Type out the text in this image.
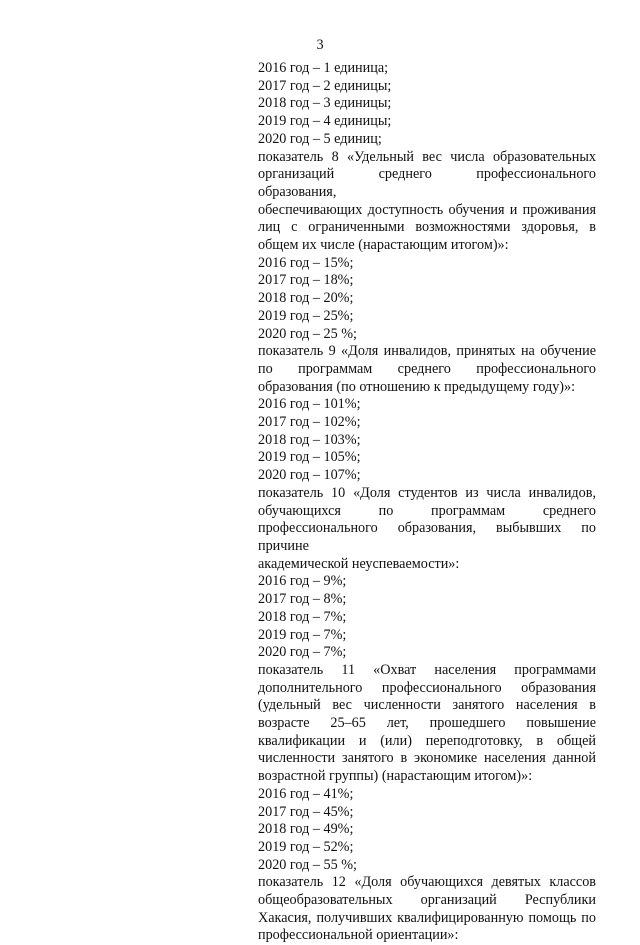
3
2016 год – 1 единица;
2017 год – 2 единицы;
2018 год – 3 единицы;
2019 год – 4 единицы;
2020 год – 5 единиц;
показатель 8 «Удельный вес числа образовательных
организаций среднего профессионального образования,
обеспечивающих доступность обучения и проживания
лиц с ограниченными возможностями здоровья, в
общем их числе (нарастающим итогом)»:
2016 год – 15%;
2017 год – 18%;
2018 год – 20%;
2019 год – 25%;
2020 год – 25 %;
показатель 9 «Доля инвалидов, принятых на обучение
по программам среднего профессионального
образования (по отношению к предыдущему году)»:
2016 год – 101%;
2017 год – 102%;
2018 год – 103%;
2019 год – 105%;
2020 год – 107%;
показатель 10 «Доля студентов из числа инвалидов,
обучающихся по программам среднего
профессионального образования, выбывших по причине
академической неуспеваемости»:
2016 год – 9%;
2017 год – 8%;
2018 год – 7%;
2019 год – 7%;
2020 год – 7%;
показатель 11 «Охват населения программами
дополнительного профессионального образования
(удельный вес численности занятого населения в
возрасте 25–65 лет, прошедшего повышение
квалификации и (или) переподготовку, в общей
численности занятого в экономике населения данной
возрастной группы) (нарастающим итогом)»:
2016 год – 41%;
2017 год – 45%;
2018 год – 49%;
2019 год – 52%;
2020 год – 55 %;
показатель 12 «Доля обучающихся девятых классов
общеобразовательных организаций Республики
Хакасия, получивших квалифицированную помощь по
профессиональной ориентации»:
